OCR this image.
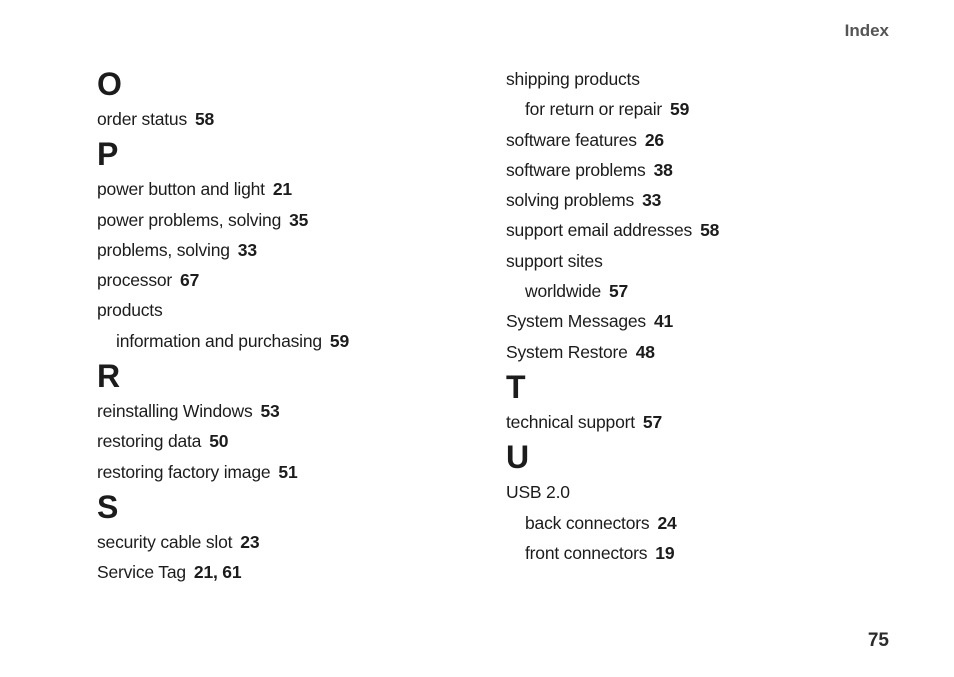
Index
O
order status 58
P
power button and light 21
power problems, solving 35
problems, solving 33
processor 67
products
information and purchasing 59
R
reinstalling Windows 53
restoring data 50
restoring factory image 51
S
security cable slot 23
Service Tag 21, 61
shipping products
for return or repair 59
software features 26
software problems 38
solving problems 33
support email addresses 58
support sites
worldwide 57
System Messages 41
System Restore 48
T
technical support 57
U
USB 2.0
back connectors 24
front connectors 19
75
